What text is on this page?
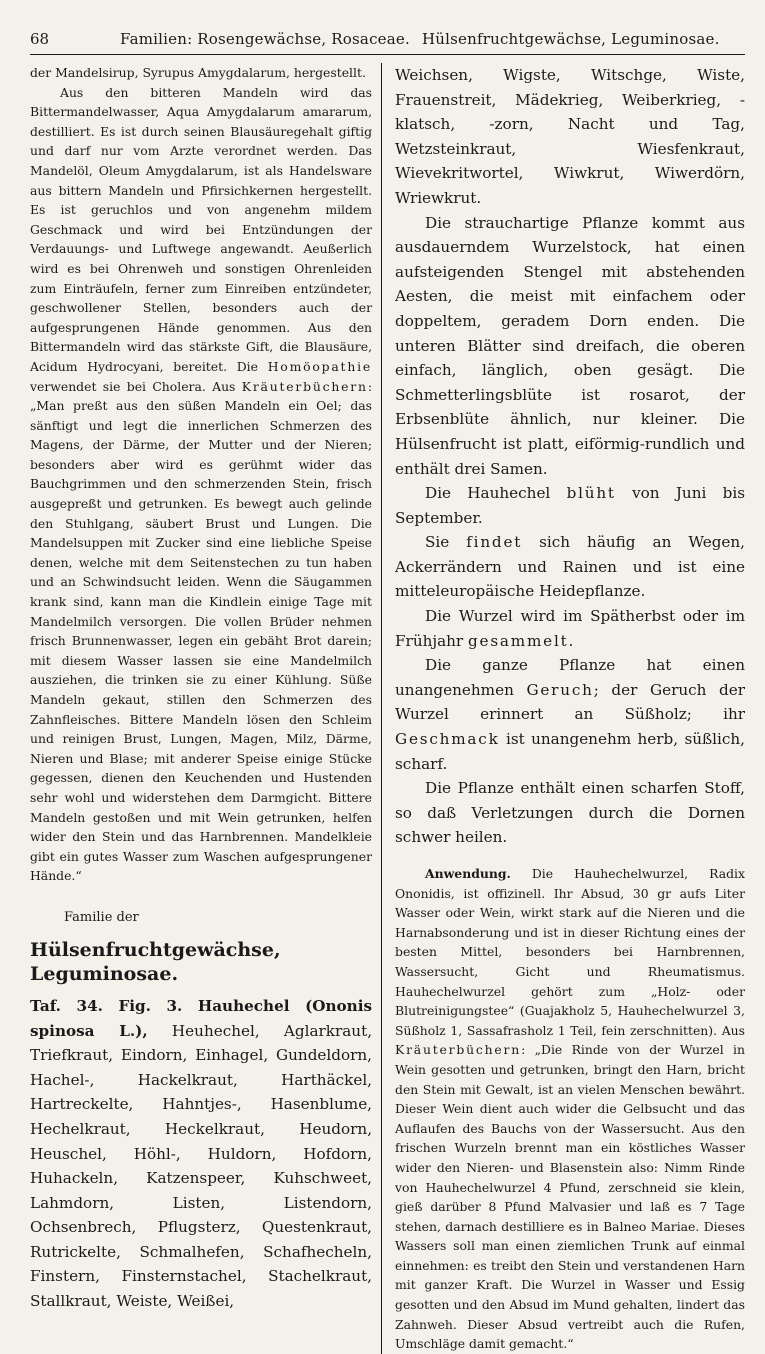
68	Familien: Rosengewächse, Rosaceae. Hülsenfruchtgewächse, Leguminosae.

der Mandelsirup, Syrupus Amygdalarum, hergestellt.

Aus den bitteren Mandeln wird das Bittermandelwasser, Aqua Amygdalarum amararum, destilliert. Es ist durch seinen Blausäuregehalt giftig und darf nur vom Arzte verordnet werden. Das Mandelöl, Oleum Amygdalarum, ist als Handelsware aus bittern Mandeln und Pfirsichkernen hergestellt. Es ist geruchlos und von angenehm mildem Geschmack und wird bei Entzündungen der Verdauungs- und Luftwege angewandt. Aeußerlich wird es bei Ohrenweh und sonstigen Ohrenleiden zum Einträufeln, ferner zum Einreiben entzündeter, geschwollener Stellen, besonders auch der aufgesprungenen Hände genommen. Aus den Bittermandeln wird das stärkste Gift, die Blausäure, Acidum Hydrocyani, bereitet. Die Homöopathie verwendet sie bei Cholera. Aus Kräuterbüchern: „Man preßt aus den süßen Mandeln ein Oel; das sänftigt und legt die innerlichen Schmerzen des Magens, der Därme, der Mutter und der Nieren; besonders aber wird es gerühmt wider das Bauchgrimmen und den schmerzenden Stein, frisch ausgepreßt und getrunken. Es bewegt auch gelinde den Stuhlgang, säubert Brust und Lungen. Die Mandelsuppen mit Zucker sind eine liebliche Speise denen, welche mit dem Seitenstechen zu tun haben und an Schwindsucht leiden. Wenn die Säugammen krank sind, kann man die Kindlein einige Tage mit Mandelmilch versorgen. Die vollen Brüder nehmen frisch Brunnenwasser, legen ein gebäht Brot darein; mit diesem Wasser lassen sie eine Mandelmilch ausziehen, die trinken sie zu einer Kühlung. Süße Mandeln gekaut, stillen den Schmerzen des Zahnfleisches. Bittere Mandeln lösen den Schleim und reinigen Brust, Lungen, Magen, Milz, Därme, Nieren und Blase; mit anderer Speise einige Stücke gegessen, dienen den Keuchenden und Hustenden sehr wohl und widerstehen dem Darmgicht. Bittere Mandeln gestoßen und mit Wein getrunken, helfen wider den Stein und das Harnbrennen. Mandelkleie gibt ein gutes Wasser zum Waschen aufgesprungener Hände.“

Familie der
Hülsenfruchtgewächse, Leguminosae.

Taf. 34. Fig. 3. Hauhechel (Ononis spinosa L.), Heuhechel, Aglarkraut, Triefkraut, Eindorn, Einhagel, Gundeldorn, Hachel-, Hackelkraut, Harthäckel, Hartreckelte, Hahntjes-, Hasenblume, Hechelkraut, Heckelkraut, Heudorn, Heuschel, Höhl-, Huldorn, Hofdorn, Huhackeln, Katzenspeer, Kuhschweet, Lahmdorn, Listen, Listendorn, Ochsenbrech, Pflugsterz, Questenkraut, Rutrickelte, Schmalhefen, Schafhecheln, Finstern, Finsternstachel, Stachelkraut, Stallkraut, Weiste, Weißei,

Weichsen, Wigste, Witschge, Wiste, Frauenstreit, Mädekrieg, Weiberkrieg, -klatsch, -zorn, Nacht und Tag, Wetzsteinkraut, Wiesfenkraut, Wievekritwortel, Wiwkrut, Wiwerdörn, Wriewkrut.

Die strauchartige Pflanze kommt aus ausdauerndem Wurzelstock, hat einen aufsteigenden Stengel mit abstehenden Aesten, die meist mit einfachem oder doppeltem, geradem Dorn enden. Die unteren Blätter sind dreifach, die oberen einfach, länglich, oben gesägt. Die Schmetterlingsblüte ist rosarot, der Erbsenblüte ähnlich, nur kleiner. Die Hülsenfrucht ist platt, eiförmig-rundlich und enthält drei Samen.

Die Hauhechel blüht von Juni bis September.

Sie findet sich häufig an Wegen, Ackerrändern und Rainen und ist eine mitteleuropäische Heidepflanze.

Die Wurzel wird im Spätherbst oder im Frühjahr gesammelt.

Die ganze Pflanze hat einen unangenehmen Geruch; der Geruch der Wurzel erinnert an Süßholz; ihr Geschmack ist unangenehm herb, süßlich, scharf.

Die Pflanze enthält einen scharfen Stoff, so daß Verletzungen durch die Dornen schwer heilen.

Anwendung. Die Hauhechelwurzel, Radix Ononidis, ist offizinell. Ihr Absud, 30 gr aufs Liter Wasser oder Wein, wirkt stark auf die Nieren und die Harnabsonderung und ist in dieser Richtung eines der besten Mittel, besonders bei Harnbrennen, Wassersucht, Gicht und Rheumatismus. Hauhechelwurzel gehört zum „Holz- oder Blutreinigungstee“ (Guajakholz 5, Hauhechelwurzel 3, Süßholz 1, Sassafrasholz 1 Teil, fein zerschnitten). Aus Kräuterbüchern: „Die Rinde von der Wurzel in Wein gesotten und getrunken, bringt den Harn, bricht den Stein mit Gewalt, ist an vielen Menschen bewährt. Dieser Wein dient auch wider die Gelbsucht und das Auflaufen des Bauchs von der Wassersucht. Aus den frischen Wurzeln brennt man ein köstliches Wasser wider den Nieren- und Blasenstein also: Nimm Rinde von Hauhechelwurzel 4 Pfund, zerschneid sie klein, gieß darüber 8 Pfund Malvasier und laß es 7 Tage stehen, darnach destilliere es in Balneo Mariae. Dieses Wassers soll man einen ziemlichen Trunk auf einmal einnehmen: es treibt den Stein und verstandenen Harn mit ganzer Kraft. Die Wurzel in Wasser und Essig gesotten und den Absud im Mund gehalten, lindert das Zahnweh. Dieser Absud vertreibt auch die Rufen, Umschläge damit gemacht.“
